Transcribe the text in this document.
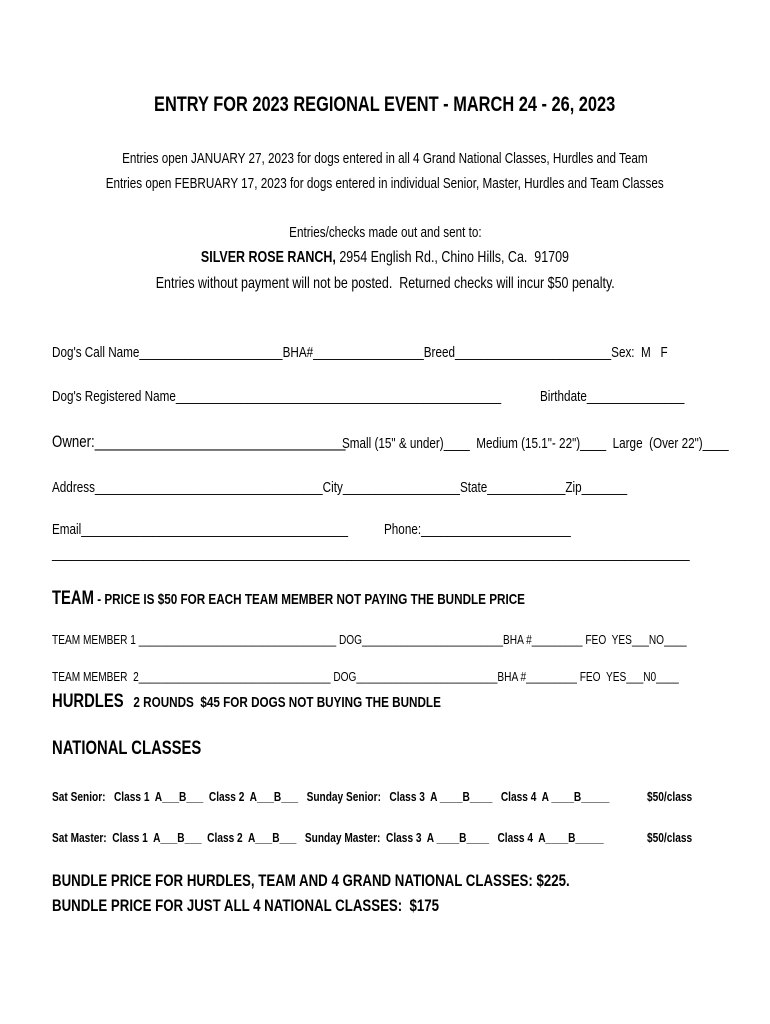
ENTRY FOR 2023 REGIONAL EVENT - MARCH 24 - 26, 2023
Entries open JANUARY 27, 2023 for dogs entered in all 4 Grand National Classes, Hurdles and Team
Entries open FEBRUARY 17, 2023 for dogs entered in individual Senior, Master, Hurdles and Team Classes
Entries/checks made out and sent to:
SILVER ROSE RANCH, 2954 English Rd., Chino Hills, Ca.  91709
Entries without payment will not be posted.  Returned checks will incur $50 penalty.
Dog's Call Name______________________BHA#_________________Breed________________________Sex:  M   F
Dog's Registered Name__________________________________________________	Birthdate_______________
Owner:__________________________________
Small (15" & under)____  Medium (15.1"- 22")____  Large  (Over 22")____
Address___________________________________City__________________State____________Zip_______
Email_________________________________________	Phone:_______________________
__________________________________________________________________________________________________
TEAM - PRICE IS $50 FOR EACH TEAM MEMBER NOT PAYING THE BUNDLE PRICE
TEAM MEMBER 1 ___________________________________ DOG_________________________BHA #_________ FEO  YES___NO____
TEAM MEMBER  2__________________________________ DOG_________________________BHA #_________ FEO  YES___N0____
HURDLES   2 ROUNDS  $45 FOR DOGS NOT BUYING THE BUNDLE
NATIONAL CLASSES
Sat Senior:   Class 1  A___B___  Class 2  A___B___   Sunday Senior:   Class 3  A ____B____   Class 4  A ____B_____	$50/class
Sat Master:  Class 1  A___B___  Class 2  A___B___   Sunday Master:  Class 3  A ____B____   Class 4  A____B_____	$50/class
BUNDLE PRICE FOR HURDLES, TEAM AND 4 GRAND NATIONAL CLASSES: $225.
BUNDLE PRICE FOR JUST ALL 4 NATIONAL CLASSES:  $175
